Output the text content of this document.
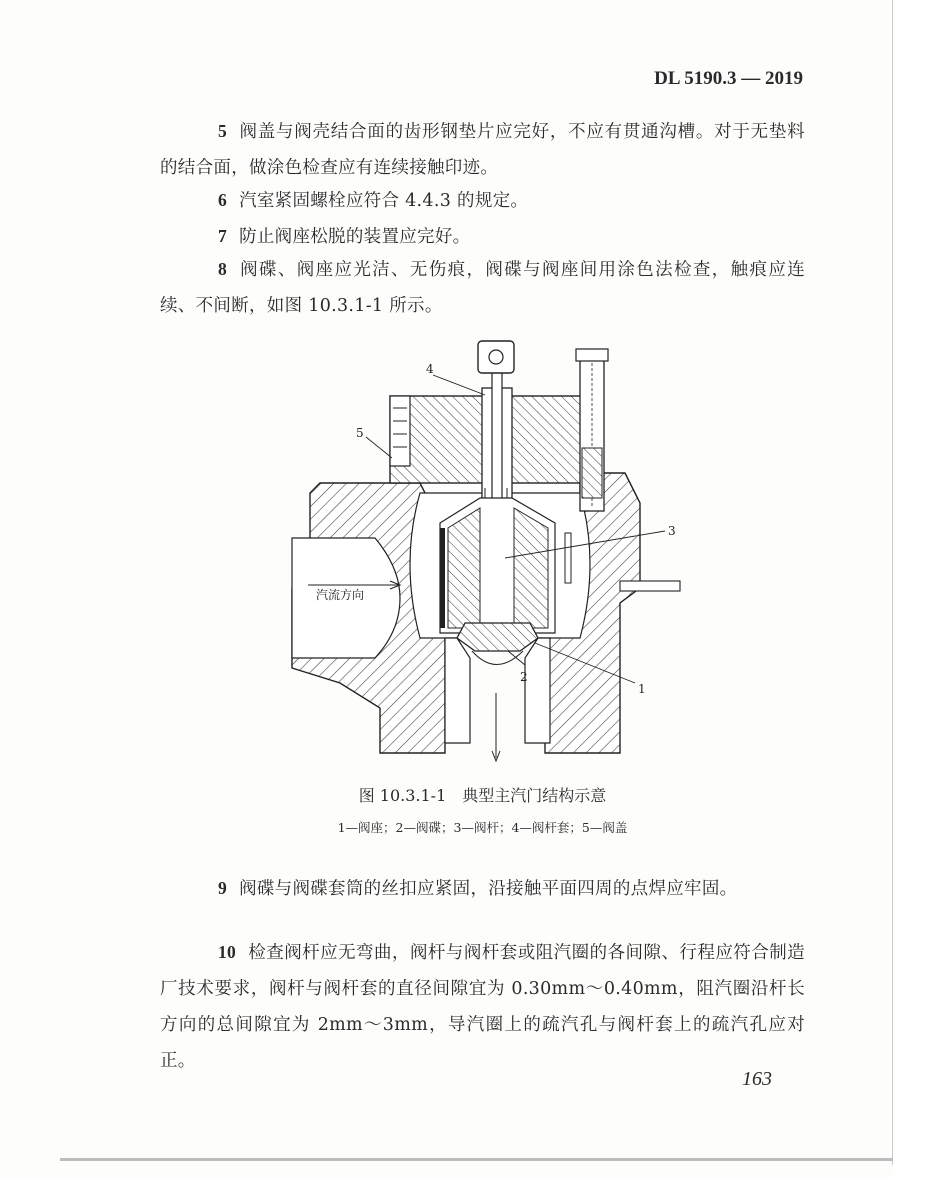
DL 5190.3 — 2019
5 阀盖与阀壳结合面的齿形钢垫片应完好，不应有贯通沟槽。对于无垫料的结合面，做涂色检查应有连续接触印迹。
6 汽室紧固螺栓应符合 4.4.3 的规定。
7 防止阀座松脱的装置应完好。
8 阀碟、阀座应光洁、无伤痕，阀碟与阀座间用涂色法检查，触痕应连续、不间断，如图 10.3.1-1 所示。
汽流方向
4
5
3
1
2
图 10.3.1-1　典型主汽门结构示意
1—阀座；2—阀碟；3—阀杆；4—阀杆套；5—阀盖
9 阀碟与阀碟套筒的丝扣应紧固，沿接触平面四周的点焊应牢固。
10 检查阀杆应无弯曲，阀杆与阀杆套或阻汽圈的各间隙、行程应符合制造厂技术要求，阀杆与阀杆套的直径间隙宜为 0.30mm～0.40mm，阻汽圈沿杆长方向的总间隙宜为 2mm～3mm，导汽圈上的疏汽孔与阀杆套上的疏汽孔应对正。
163
